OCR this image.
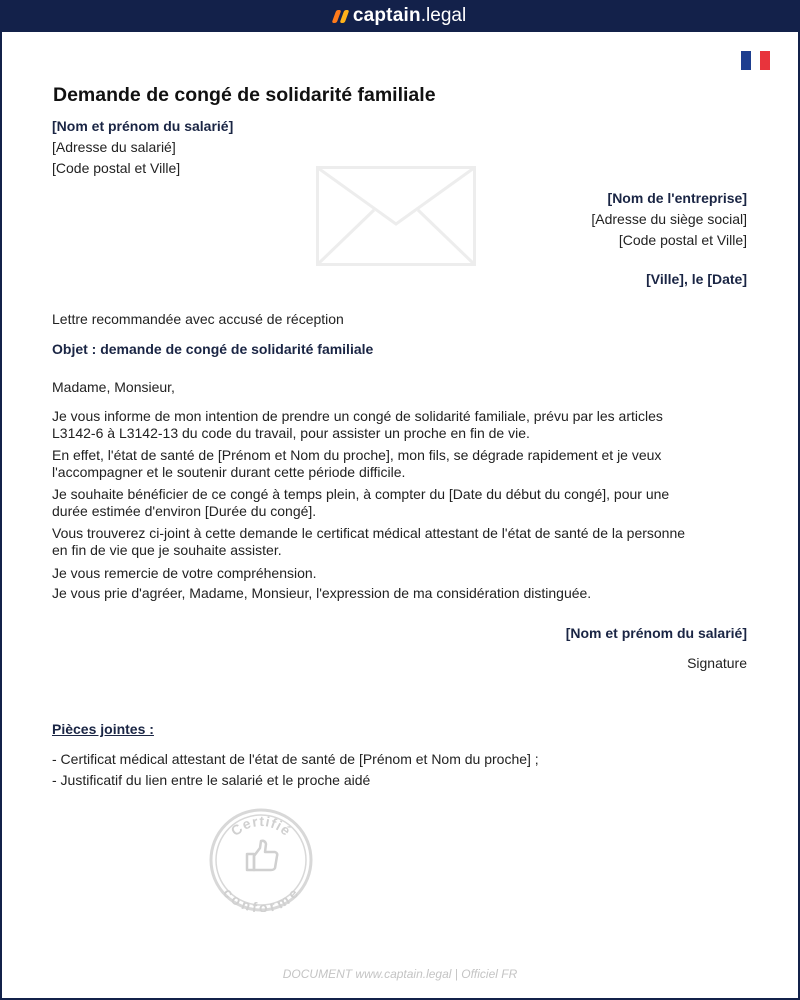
captain .legal
Demande de congé de solidarité familiale
[Nom et prénom du salarié]
[Adresse du salarié]
[Code postal et Ville]
[Nom de l'entreprise]
[Adresse du siège social]
[Code postal et Ville]
[Ville], le [Date]
Lettre recommandée avec accusé de réception
Objet : demande de congé de solidarité familiale
Madame, Monsieur,
Je vous informe de mon intention de prendre un congé de solidarité familiale, prévu par les articles
L3142-6 à L3142-13 du code du travail, pour assister un proche en fin de vie.
En effet, l'état de santé de [Prénom et Nom du proche], mon fils, se dégrade rapidement et je veux
l'accompagner et le soutenir durant cette période difficile.
Je souhaite bénéficier de ce congé à temps plein, à compter du [Date du début du congé], pour une
durée estimée d'environ [Durée du congé].
Vous trouverez ci-joint à cette demande le certificat médical attestant de l'état de santé de la personne
en fin de vie que je souhaite assister.
Je vous remercie de votre compréhension.
Je vous prie d'agréer, Madame, Monsieur, l'expression de ma considération distinguée.
[Nom et prénom du salarié]
Signature
Pièces jointes :
- Certificat médical attestant de l'état de santé de [Prénom et Nom du proche] ;
- Justificatif du lien entre le salarié et le proche aidé
Certifié
conforme
DOCUMENT www.captain.legal | Officiel FR
